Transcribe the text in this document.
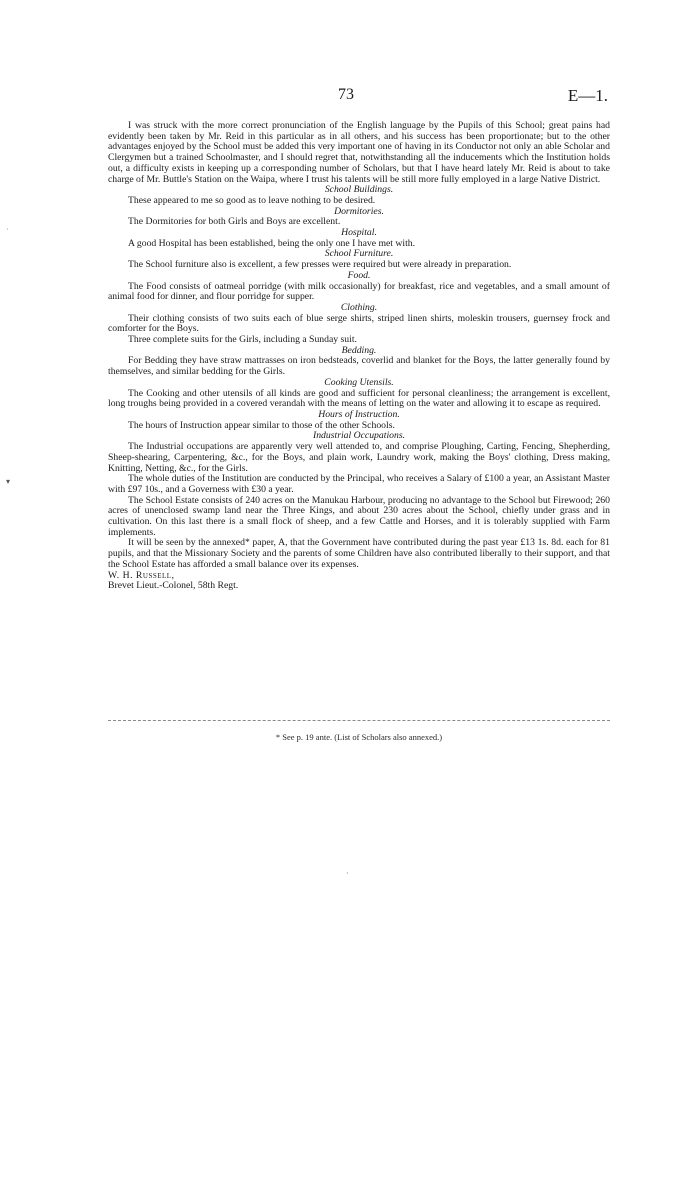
73	E—1.

I was struck with the more correct pronunciation of the English language by the Pupils of this School; great pains had evidently been taken by Mr. Reid in this particular as in all others, and his success has been proportionate; but to the other advantages enjoyed by the School must be added this very important one of having in its Conductor not only an able Scholar and Clergymen but a trained Schoolmaster, and I should regret that, notwithstanding all the inducements which the Institution holds out, a difficulty exists in keeping up a corresponding number of Scholars, but that I have heard lately Mr. Reid is about to take charge of Mr. Buttle's Station on the Waipa, where I trust his talents will be still more fully employed in a large Native District.

School Buildings.

These appeared to me so good as to leave nothing to be desired.

Dormitories.

The Dormitories for both Girls and Boys are excellent.

Hospital.

A good Hospital has been established, being the only one I have met with.

School Furniture.

The School furniture also is excellent, a few presses were required but were already in preparation.

Food.

The Food consists of oatmeal porridge (with milk occasionally) for breakfast, rice and vegetables, and a small amount of animal food for dinner, and flour porridge for supper.

Clothing.

Their clothing consists of two suits each of blue serge shirts, striped linen shirts, moleskin trousers, guernsey frock and comforter for the Boys.

Three complete suits for the Girls, including a Sunday suit.

Bedding.

For Bedding they have straw mattrasses on iron bedsteads, coverlid and blanket for the Boys, the latter generally found by themselves, and similar bedding for the Girls.

Cooking Utensils.

The Cooking and other utensils of all kinds are good and sufficient for personal cleanliness; the arrangement is excellent, long troughs being provided in a covered verandah with the means of letting on the water and allowing it to escape as required.

Hours of Instruction.

The hours of Instruction appear similar to those of the other Schools.

Industrial Occupations.

The Industrial occupations are apparently very well attended to, and comprise Ploughing, Carting, Fencing, Shepherding, Sheep-shearing, Carpentering, &c., for the Boys, and plain work, Laundry work, making the Boys' clothing, Dress making, Knitting, Netting, &c., for the Girls.

The whole duties of the Institution are conducted by the Principal, who receives a Salary of £100 a year, an Assistant Master with £97 10s., and a Governess with £30 a year.

The School Estate consists of 240 acres on the Manukau Harbour, producing no advantage to the School but Firewood; 260 acres of unenclosed swamp land near the Three Kings, and about 230 acres about the School, chiefly under grass and in cultivation. On this last there is a small flock of sheep, and a few Cattle and Horses, and it is tolerably supplied with Farm implements.

It will be seen by the annexed* paper, A, that the Government have contributed during the past year £13 1s. 8d. each for 81 pupils, and that the Missionary Society and the parents of some Children have also contributed liberally to their support, and that the School Estate has afforded a small balance over its expenses.

W. H. Russell,

Brevet Lieut.-Colonel, 58th Regt.

* See p. 19 ante. (List of Scholars also annexed.)
˙
▾
·
